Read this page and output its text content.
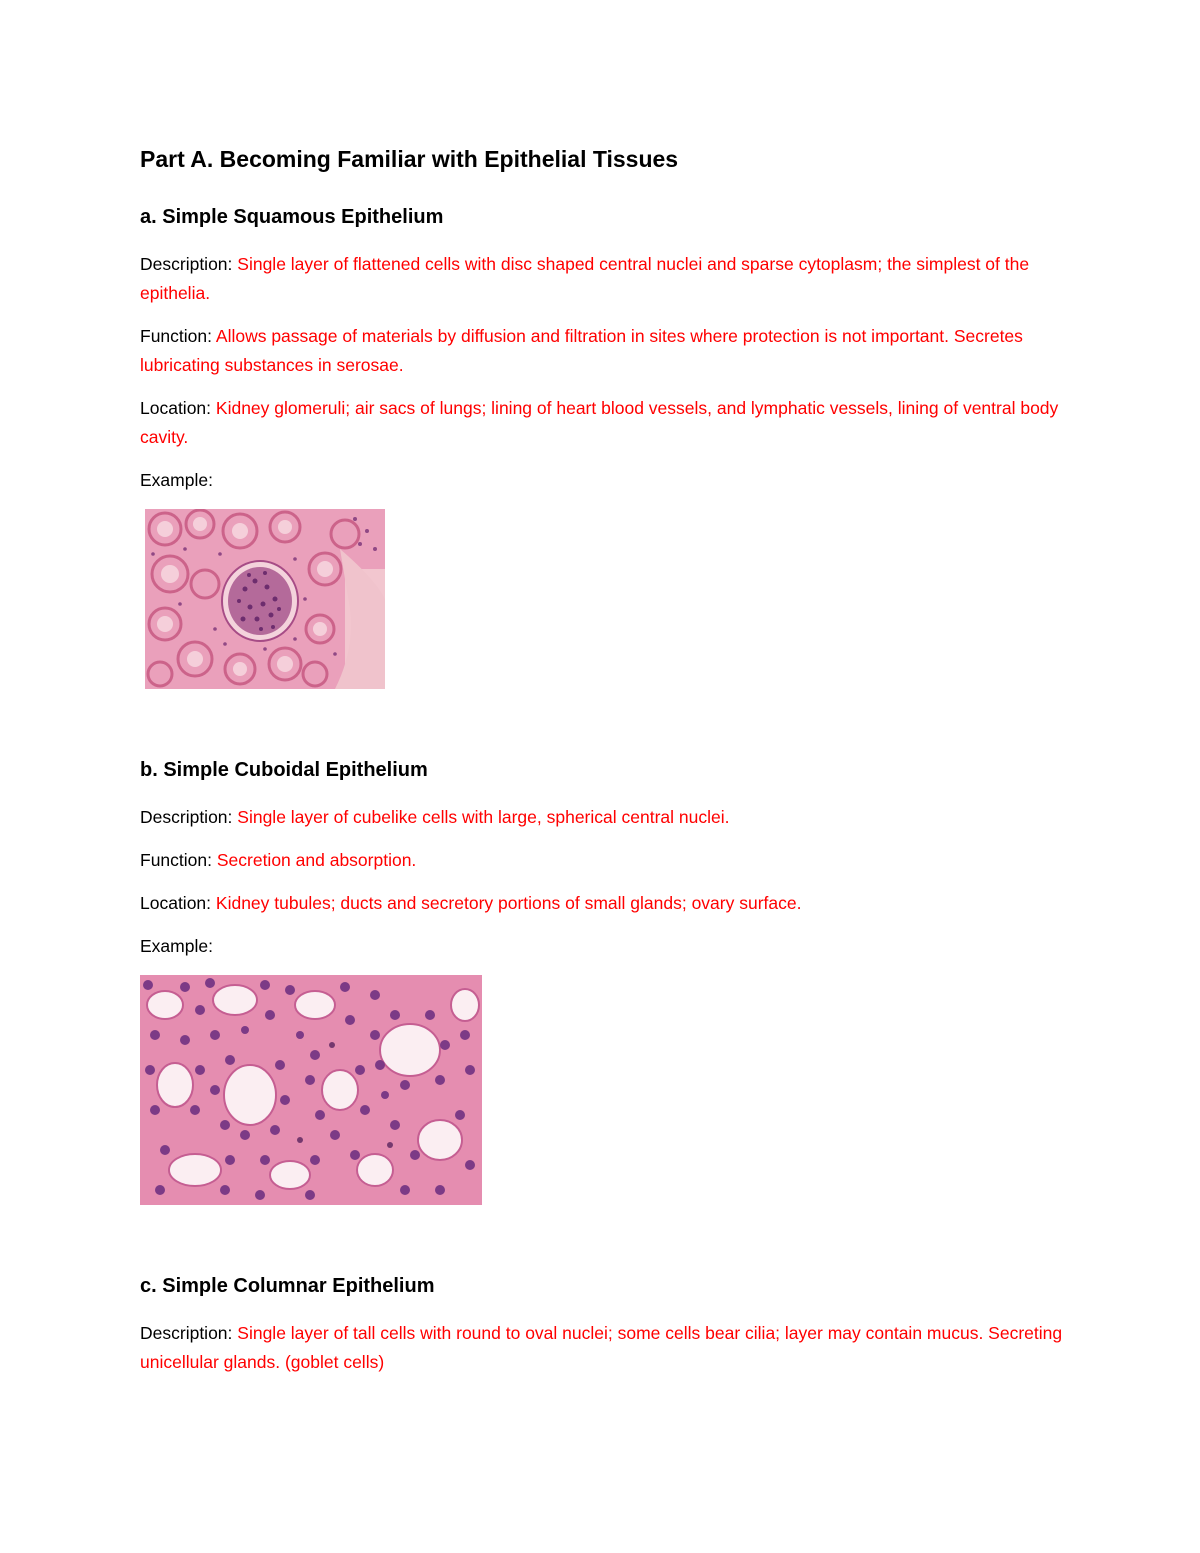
Part A. Becoming Familiar with Epithelial Tissues
a. Simple Squamous Epithelium

Description: Single layer of flattened cells with disc shaped central nuclei and sparse cytoplasm; the simplest of the epithelia.

Function: Allows passage of materials by diffusion and filtration in sites where protection is not important. Secretes lubricating substances in serosae.

Location: Kidney glomeruli; air sacs of lungs; lining of heart blood vessels, and lymphatic vessels, lining of ventral body cavity.

Example:

b. Simple Cuboidal Epithelium

Description: Single layer of cubelike cells with large, spherical central nuclei.

Function: Secretion and absorption.

Location: Kidney tubules; ducts and secretory portions of small glands; ovary surface.

Example:

c. Simple Columnar Epithelium

Description: Single layer of tall cells with round to oval nuclei; some cells bear cilia; layer may contain mucus. Secreting unicellular glands. (goblet cells)
